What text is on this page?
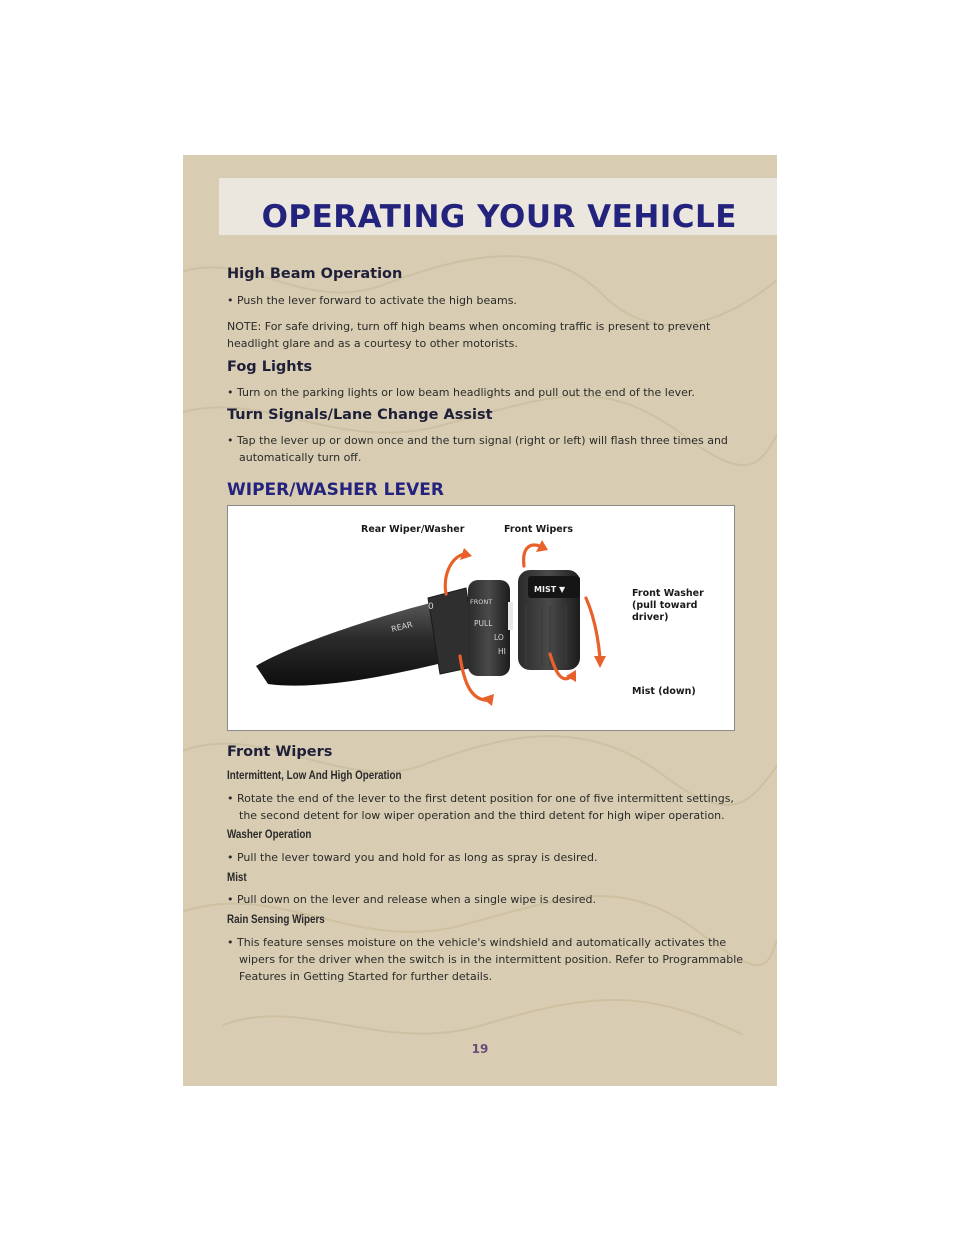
OPERATING YOUR VEHICLE
High Beam Operation

• Push the lever forward to activate the high beams.

NOTE: For safe driving, turn off high beams when oncoming traffic is present to prevent headlight glare and as a courtesy to other motorists.

Fog Lights

• Turn on the parking lights or low beam headlights and pull out the end of the lever.

Turn Signals/Lane Change Assist

• Tap the lever up or down once and the turn signal (right or left) will flash three times and automatically turn off.

WIPER/WASHER LEVER
REAR
0	FRONT
PULL
LO
HI
MIST ▼
Rear Wiper/Washer	Front Wipers
Front Washer
(pull toward
driver)
Mist (down)
Front Wipers
Intermittent, Low And High Operation

• Rotate the end of the lever to the first detent position for one of five intermittent settings, the second detent for low wiper operation and the third detent for high wiper operation.

Washer Operation

• Pull the lever toward you and hold for as long as spray is desired.

Mist

• Pull down on the lever and release when a single wipe is desired.

Rain Sensing Wipers

• This feature senses moisture on the vehicle's windshield and automatically activates the wipers for the driver when the switch is in the intermittent position. Refer to Programmable Features in Getting Started for further details.

19
